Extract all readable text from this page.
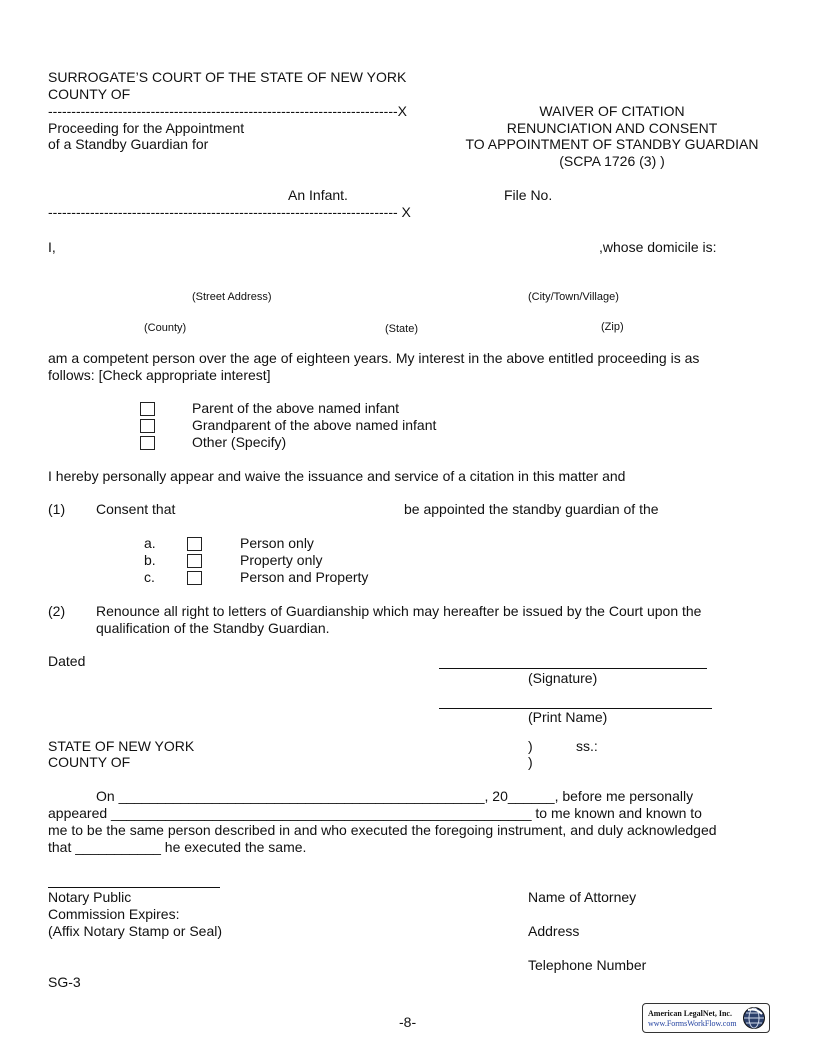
SURROGATE’S COURT OF THE STATE OF NEW YORK
COUNTY OF
---------------------------------------------------------------------------X
Proceeding for the Appointment
of a Standby Guardian for
An Infant.
--------------------------------------------------------------------------- X
WAIVER OF CITATION
RENUNCIATION AND CONSENT
TO APPOINTMENT OF STANDBY GUARDIAN
(SCPA 1726 (3) )
File No.
I,	,whose domicile is:
(Street Address)	(City/Town/Village)
(County)	(State)	(Zip)
am a competent person over the age of eighteen years. My interest in the above entitled proceeding is as
follows: [Check appropriate interest]
Parent of the above named infant
Grandparent of the above named infant
Other (Specify)
I hereby personally appear and waive the issuance and service of a citation in this matter and
(1) Consent that	be appointed the standby guardian of the
a.	Person only
b.	Property only
c.	Person and Property
(2) Renounce all right to letters of Guardianship which may hereafter be issued by the Court upon the
qualification of the Standby Guardian.
Dated
(Signature)
(Print Name)
STATE OF NEW YORK
COUNTY OF
)	ss.:
)
On _______________________________________________, 20______, before me personally
appeared ______________________________________________________ to me known and known to
me to be the same person described in and who executed the foregoing instrument, and duly acknowledged
that ___________ he executed the same.
Notary Public
Commission Expires:
(Affix Notary Stamp or Seal)
Name of Attorney
Address
Telephone Number
SG-3
-8-
American LegalNet, Inc.
www.FormsWorkFlow.com
